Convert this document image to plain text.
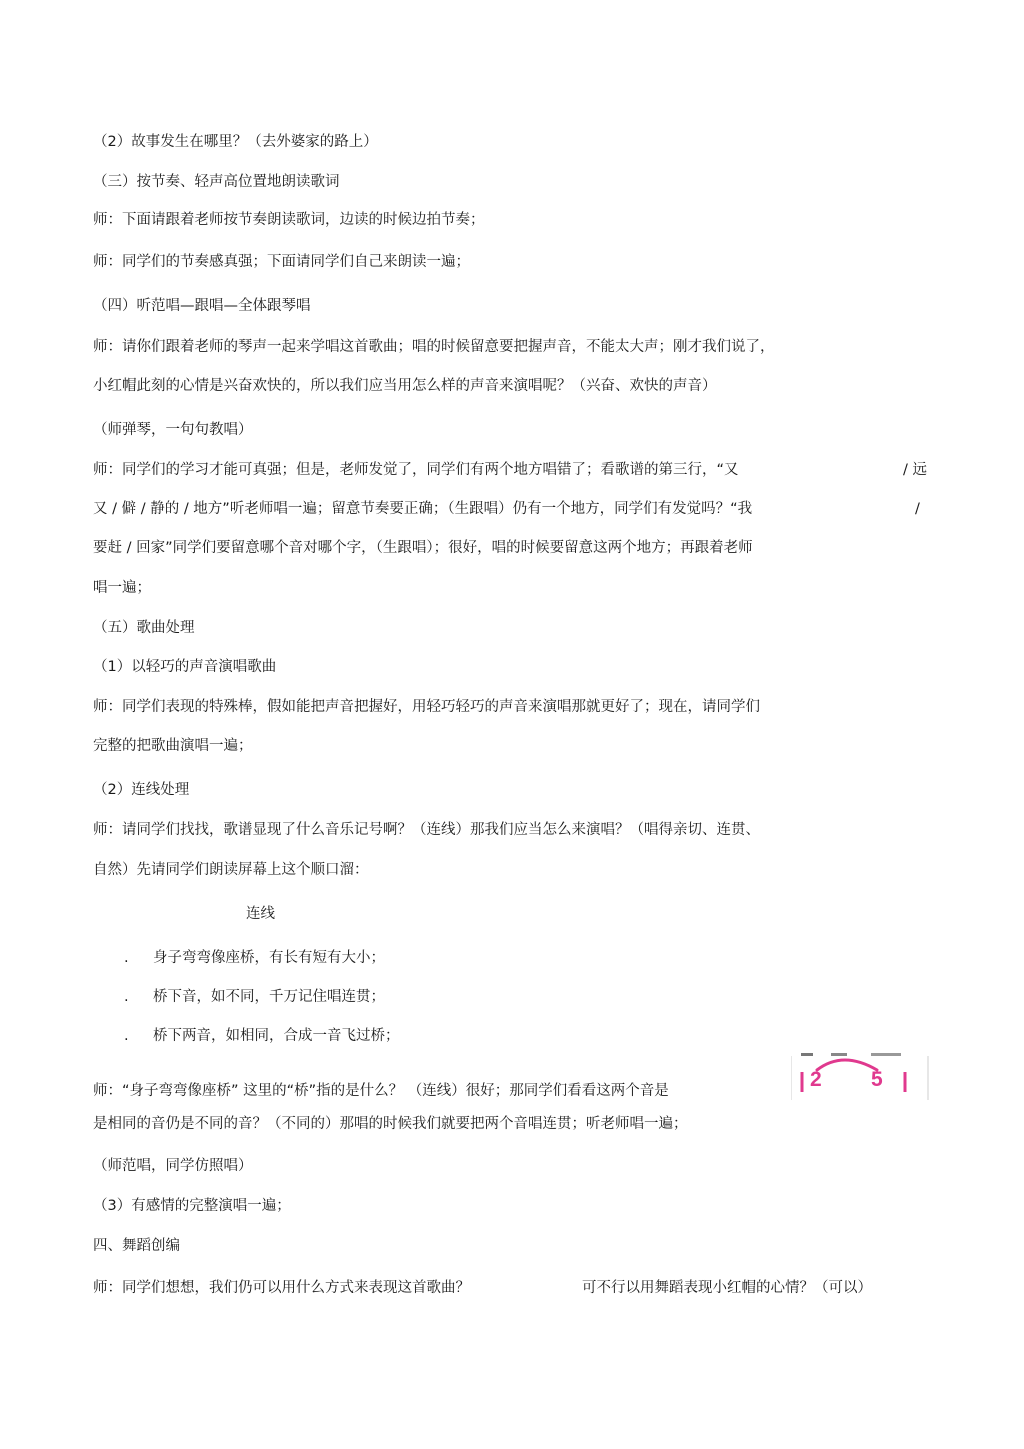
（2）故事发生在哪里？（去外婆家的路上）
（三）按节奏、轻声高位置地朗读歌词
师：下面请跟着老师按节奏朗读歌词，边读的时候边拍节奏；
师：同学们的节奏感真强；下面请同学们自己来朗读一遍；
（四）听范唱—跟唱—全体跟琴唱
师：请你们跟着老师的琴声一起来学唱这首歌曲；唱的时候留意要把握声音，不能太大声；刚才我们说了，
小红帽此刻的心情是兴奋欢快的，所以我们应当用怎么样的声音来演唱呢？（兴奋、欢快的声音）
（师弹琴，一句句教唱）
师：同学们的学习才能可真强；但是，老师发觉了，同学们有两个地方唱错了；看歌谱的第三行，“又	/ 远
又 / 僻 / 静的 / 地方”听老师唱一遍；留意节奏要正确；（生跟唱）仍有一个地方，同学们有发觉吗？“我	/
要赶 / 回家”同学们要留意哪个音对哪个字，（生跟唱）；很好，唱的时候要留意这两个地方；再跟着老师
唱一遍；
（五）歌曲处理
（1）以轻巧的声音演唱歌曲
师：同学们表现的特殊棒，假如能把声音把握好，用轻巧轻巧的声音来演唱那就更好了；现在，请同学们
完整的把歌曲演唱一遍；
（2）连线处理
师：请同学们找找，歌谱显现了什么音乐记号啊？（连线）那我们应当怎么来演唱？（唱得亲切、连贯、
自然）先请同学们朗读屏幕上这个顺口溜：
连线
. 身子弯弯像座桥，有长有短有大小；
. 桥下音，如不同，千万记住唱连贯；
. 桥下两音，如相同，合成一音飞过桥；
师：“身子弯弯像座桥” 这里的“桥”指的是什么？ （连线）很好；那同学们看看这两个音是
是相同的音仍是不同的音？（不同的）那唱的时候我们就要把两个音唱连贯；听老师唱一遍；
（师范唱，同学仿照唱）
（3）有感情的完整演唱一遍；
四、舞蹈创编
师：同学们想想，我们仍可以用什么方式来表现这首歌曲？	可不行以用舞蹈表现小红帽的心情？（可以）
2 5
